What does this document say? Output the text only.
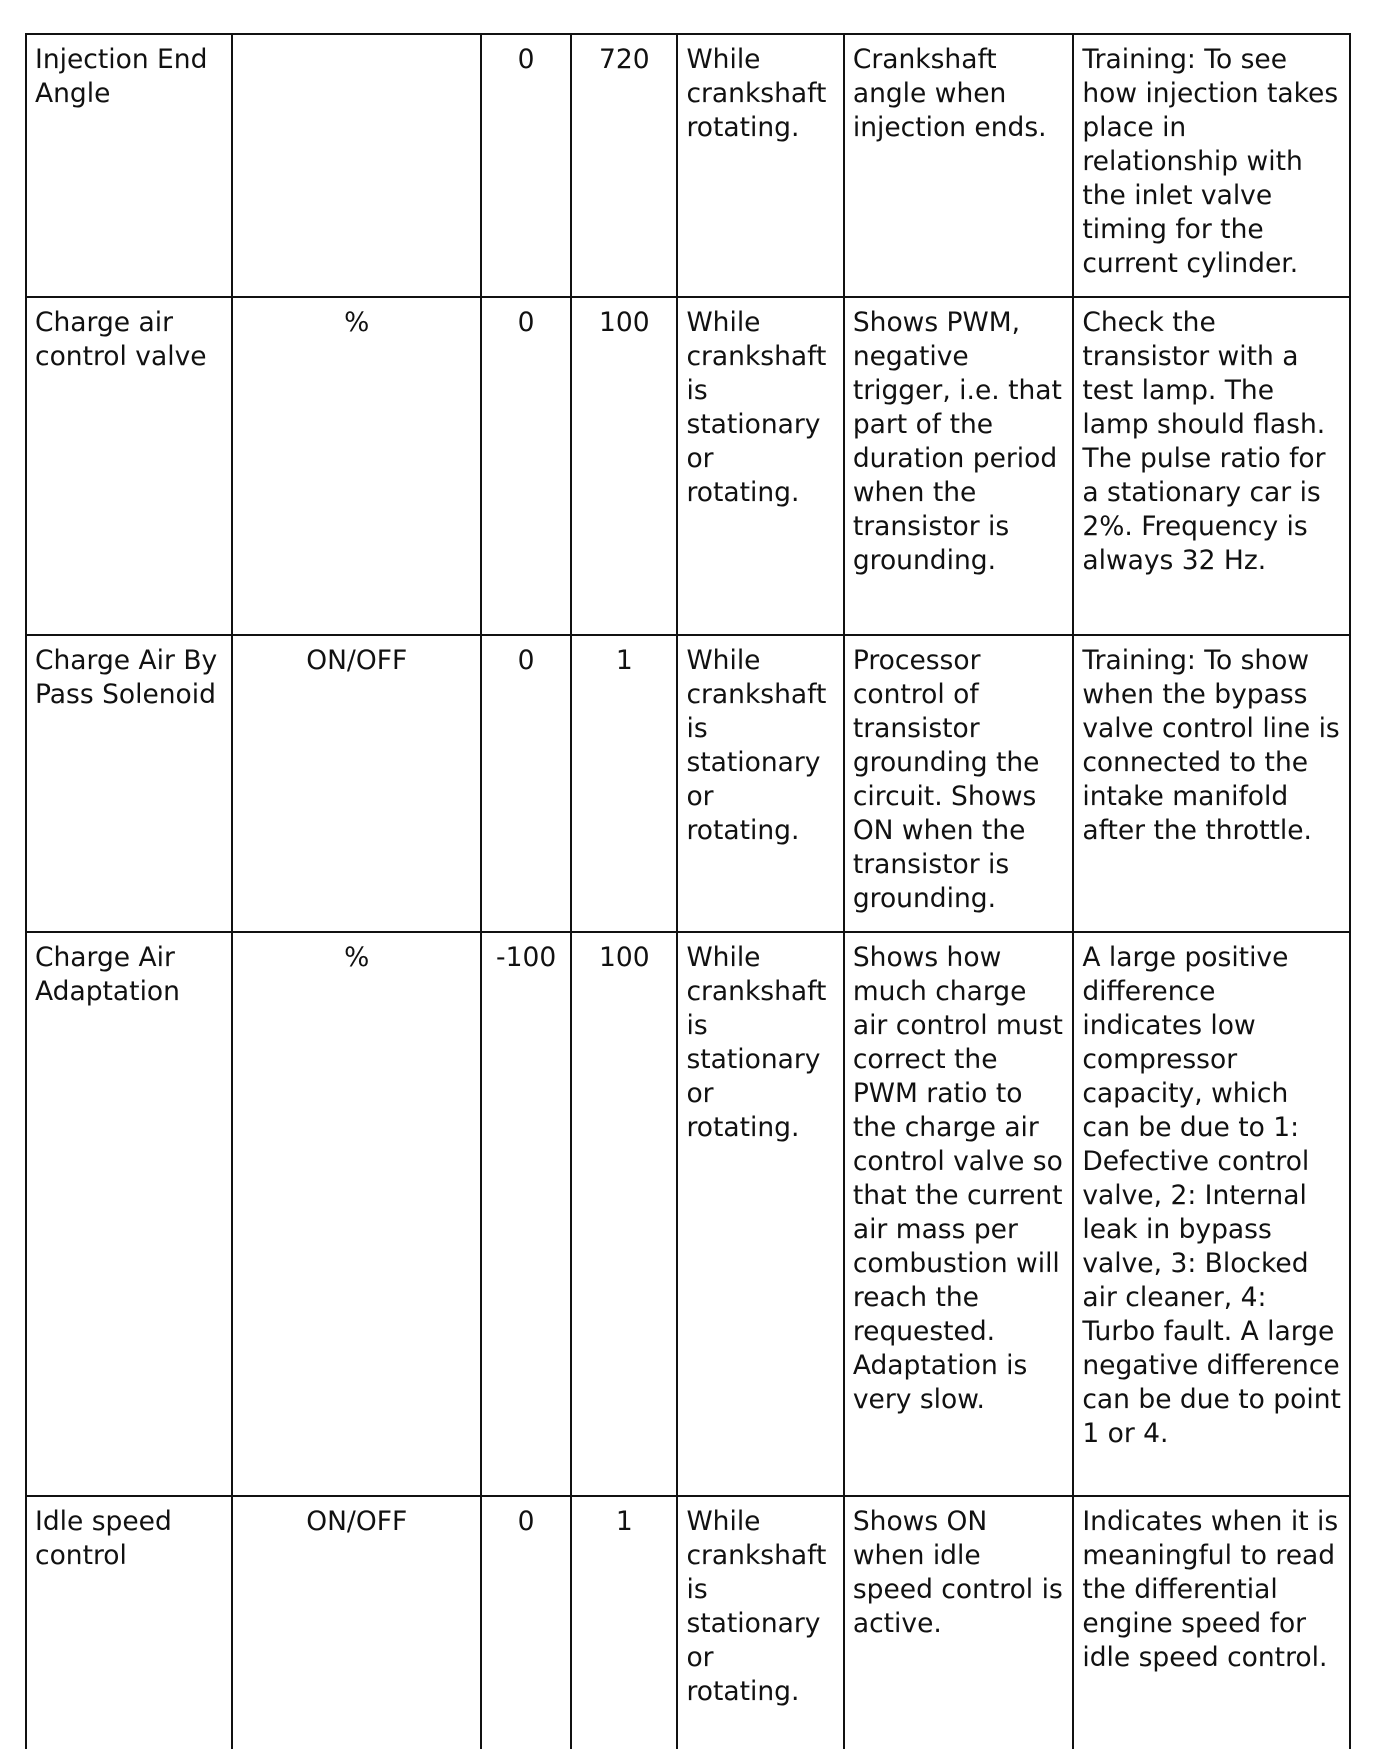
Injection End Angle		0	720	While crankshaft rotating.	Crankshaft angle when injection ends.	Training: To see how injection takes place in relationship with the inlet valve timing for the current cylinder.
Charge air control valve	%	0	100	While crankshaft is stationary or rotating.	Shows PWM, negative trigger, i.e. that part of the duration period when the transistor is grounding.	Check the transistor with a test lamp. The lamp should flash. The pulse ratio for a stationary car is 2%. Frequency is always 32 Hz.
Charge Air By Pass Solenoid	ON/OFF	0	1	While crankshaft is stationary or rotating.	Processor control of transistor grounding the circuit. Shows ON when the transistor is grounding.	Training: To show when the bypass valve control line is connected to the intake manifold after the throttle.
Charge Air Adaptation	%	-100	100	While crankshaft is stationary or rotating.	Shows how much charge air control must correct the PWM ratio to the charge air control valve so that the current air mass per combustion will reach the requested. Adaptation is very slow.	A large positive difference indicates low compressor capacity, which can be due to 1: Defective control valve, 2: Internal leak in bypass valve, 3: Blocked air cleaner, 4: Turbo fault. A large negative difference can be due to point 1 or 4.
Idle speed control	ON/OFF	0	1	While crankshaft is stationary or rotating.	Shows ON when idle speed control is active.	Indicates when it is meaningful to read the differential engine speed for idle speed control.
